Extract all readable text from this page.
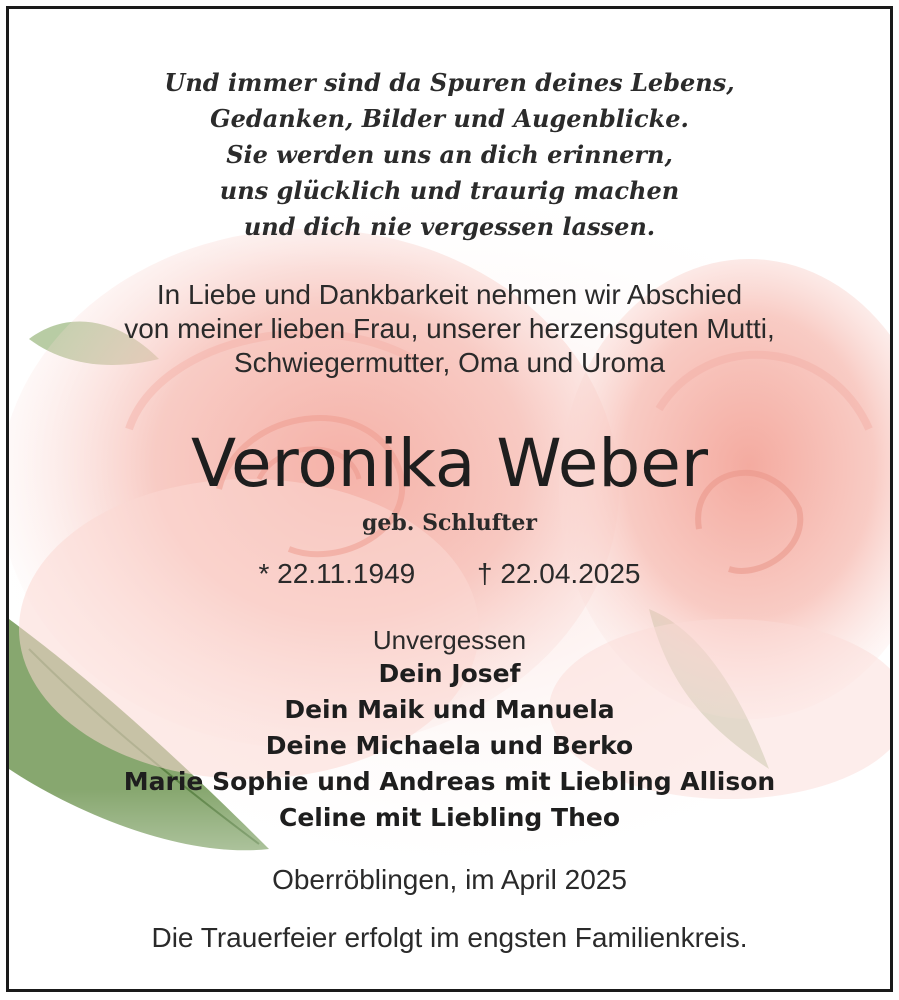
Und immer sind da Spuren deines Lebens,
Gedanken, Bilder und Augenblicke.
Sie werden uns an dich erinnern,
uns glücklich und traurig machen
und dich nie vergessen lassen.
In Liebe und Dankbarkeit nehmen wir Abschied
von meiner lieben Frau, unserer herzensguten Mutti,
Schwiegermutter, Oma und Uroma
Veronika Weber
geb. Schlufter
* 22.11.1949 † 22.04.2025
Unvergessen
Dein Josef
Dein Maik und Manuela
Deine Michaela und Berko
Marie Sophie und Andreas mit Liebling Allison
Celine mit Liebling Theo
Oberröblingen, im April 2025
Die Trauerfeier erfolgt im engsten Familienkreis.
